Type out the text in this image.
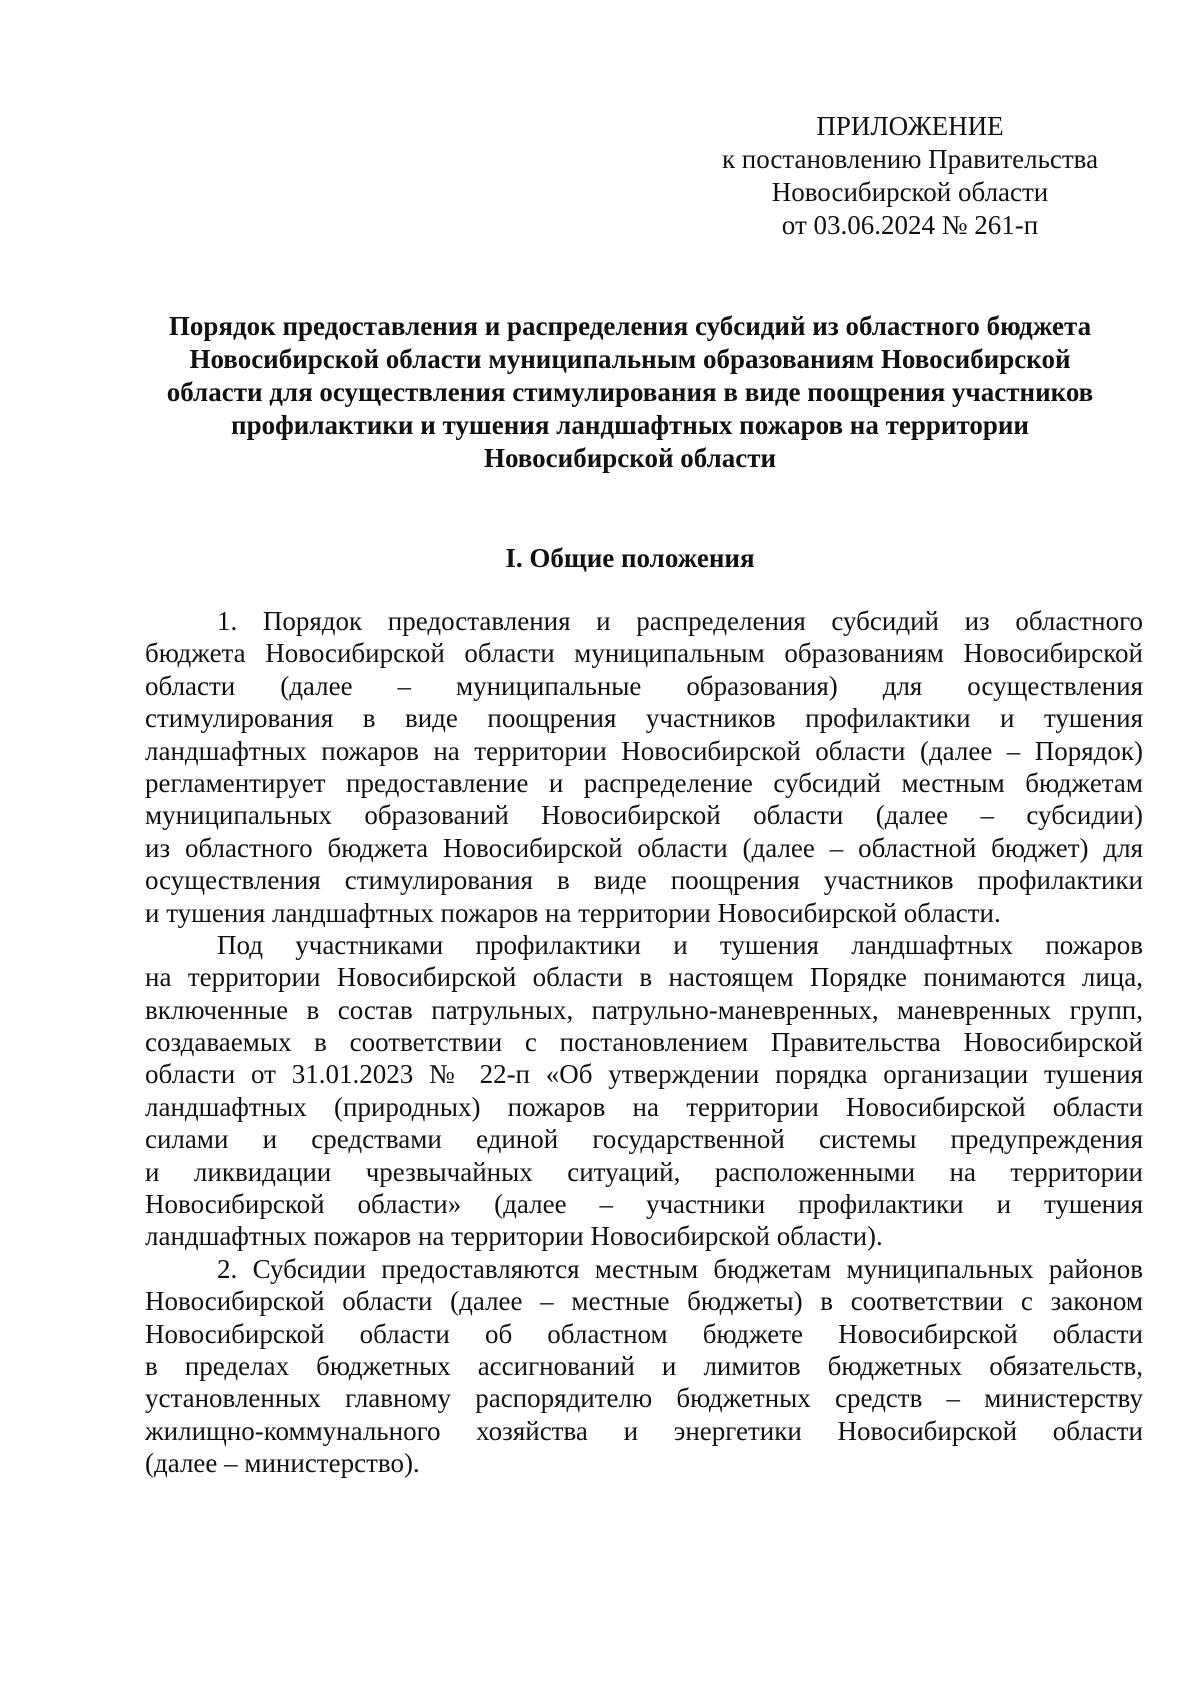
ПРИЛОЖЕНИЕ
к постановлению Правительства
Новосибирской области
от 03.06.2024 № 261-п
Порядок предоставления и распределения субсидий из областного бюджета
Новосибирской области муниципальным образованиям Новосибирской
области для осуществления стимулирования в виде поощрения участников
профилактики и тушения ландшафтных пожаров на территории
Новосибирской области
I. Общие положения
1. Порядок предоставления и распределения субсидий из областного
бюджета Новосибирской области муниципальным образованиям Новосибирской
области (далее – муниципальные образования) для осуществления
стимулирования в виде поощрения участников профилактики и тушения
ландшафтных пожаров на территории Новосибирской области (далее – Порядок)
регламентирует предоставление и распределение субсидий местным бюджетам
муниципальных образований Новосибирской области (далее – субсидии)
из областного бюджета Новосибирской области (далее – областной бюджет) для
осуществления стимулирования в виде поощрения участников профилактики
и тушения ландшафтных пожаров на территории Новосибирской области.
Под участниками профилактики и тушения ландшафтных пожаров
на территории Новосибирской области в настоящем Порядке понимаются лица,
включенные в состав патрульных, патрульно-маневренных, маневренных групп,
создаваемых в соответствии с постановлением Правительства Новосибирской
области от 31.01.2023 № 22-п «Об утверждении порядка организации тушения
ландшафтных (природных) пожаров на территории Новосибирской области
силами и средствами единой государственной системы предупреждения
и ликвидации чрезвычайных ситуаций, расположенными на территории
Новосибирской области» (далее – участники профилактики и тушения
ландшафтных пожаров на территории Новосибирской области).
2. Субсидии предоставляются местным бюджетам муниципальных районов
Новосибирской области (далее – местные бюджеты) в соответствии с законом
Новосибирской области об областном бюджете Новосибирской области
в пределах бюджетных ассигнований и лимитов бюджетных обязательств,
установленных главному распорядителю бюджетных средств – министерству
жилищно-коммунального хозяйства и энергетики Новосибирской области
(далее – министерство).
